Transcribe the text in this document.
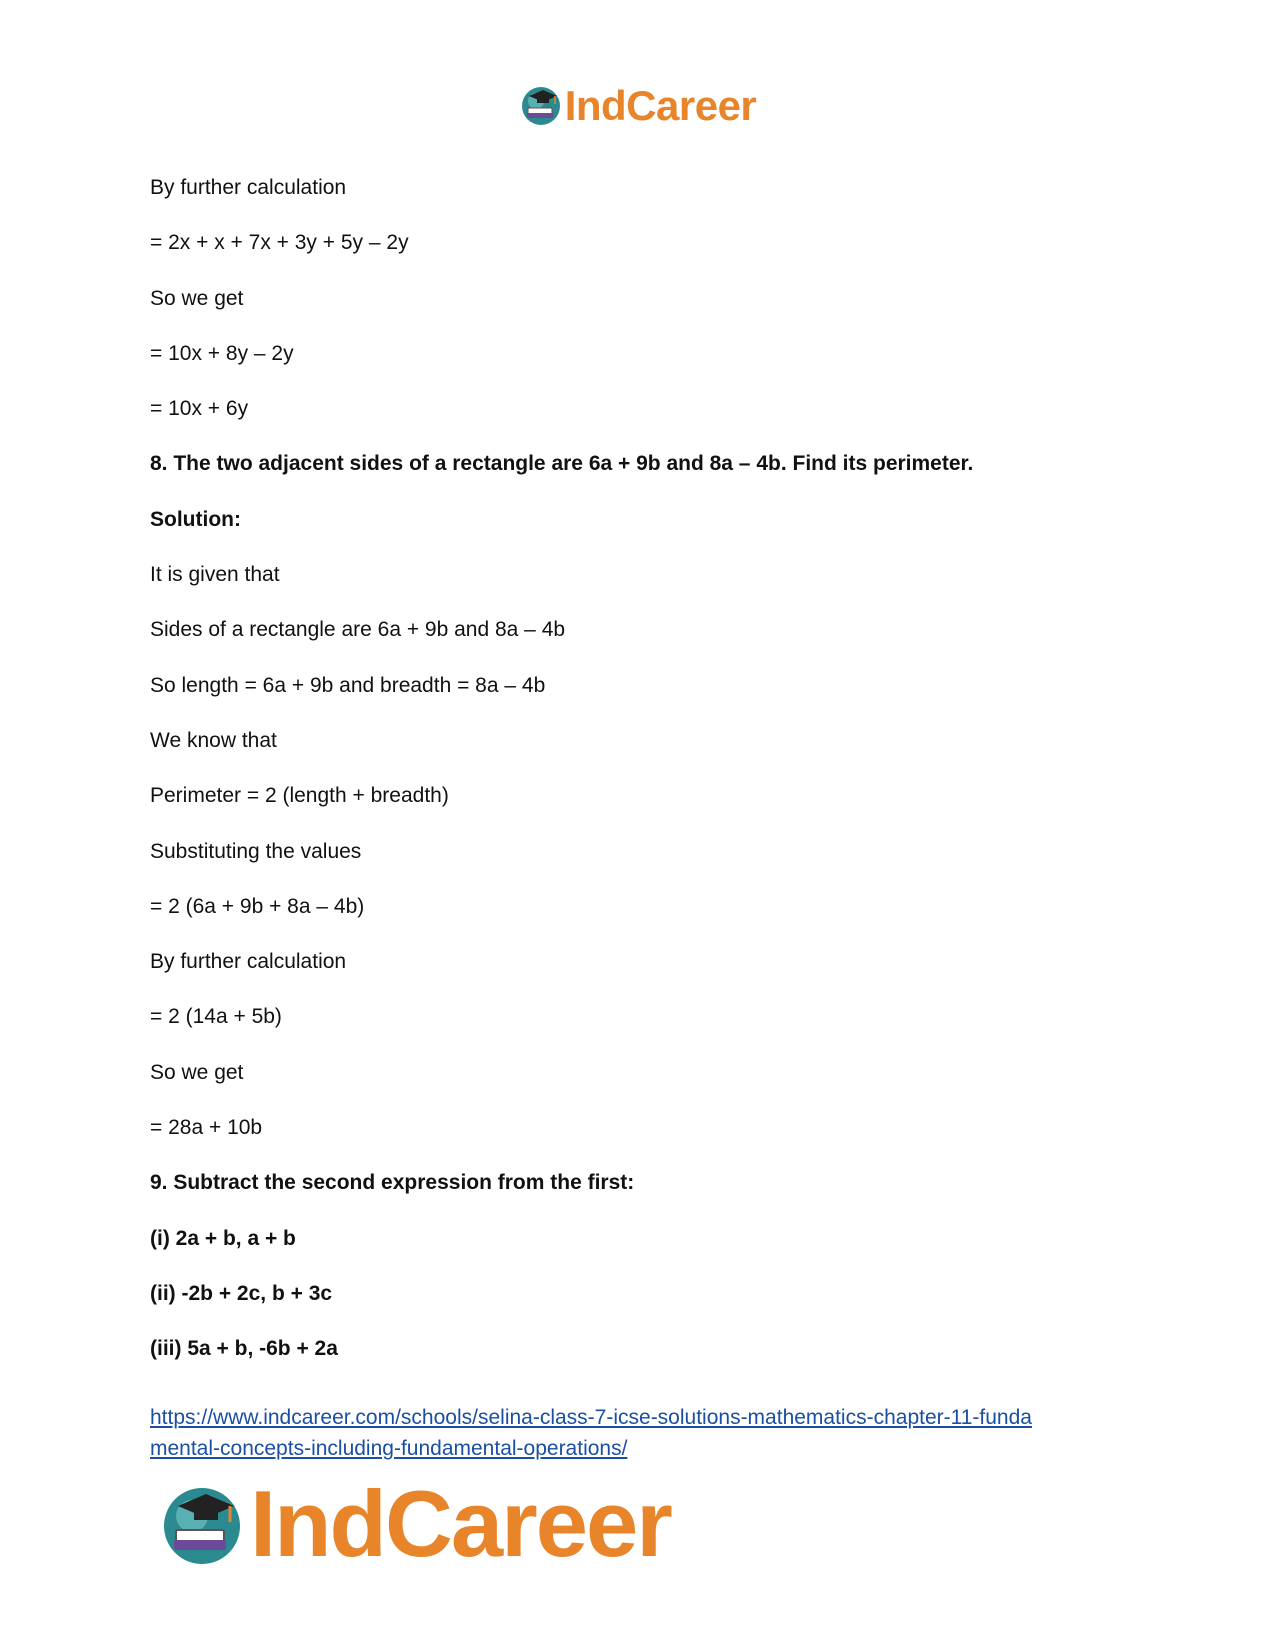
IndCareer
By further calculation
= 2x + x + 7x + 3y + 5y – 2y
So we get
= 10x + 8y – 2y
= 10x + 6y
8. The two adjacent sides of a rectangle are 6a + 9b and 8a – 4b. Find its perimeter.
Solution:
It is given that
Sides of a rectangle are 6a + 9b and 8a – 4b
So length = 6a + 9b and breadth = 8a – 4b
We know that
Perimeter = 2 (length + breadth)
Substituting the values
= 2 (6a + 9b + 8a – 4b)
By further calculation
= 2 (14a + 5b)
So we get
= 28a + 10b
9. Subtract the second expression from the first:
(i) 2a + b, a + b
(ii) -2b + 2c, b + 3c
(iii) 5a + b, -6b + 2a
https://www.indcareer.com/schools/selina-class-7-icse-solutions-mathematics-chapter-11-funda
mental-concepts-including-fundamental-operations/
IndCareer
